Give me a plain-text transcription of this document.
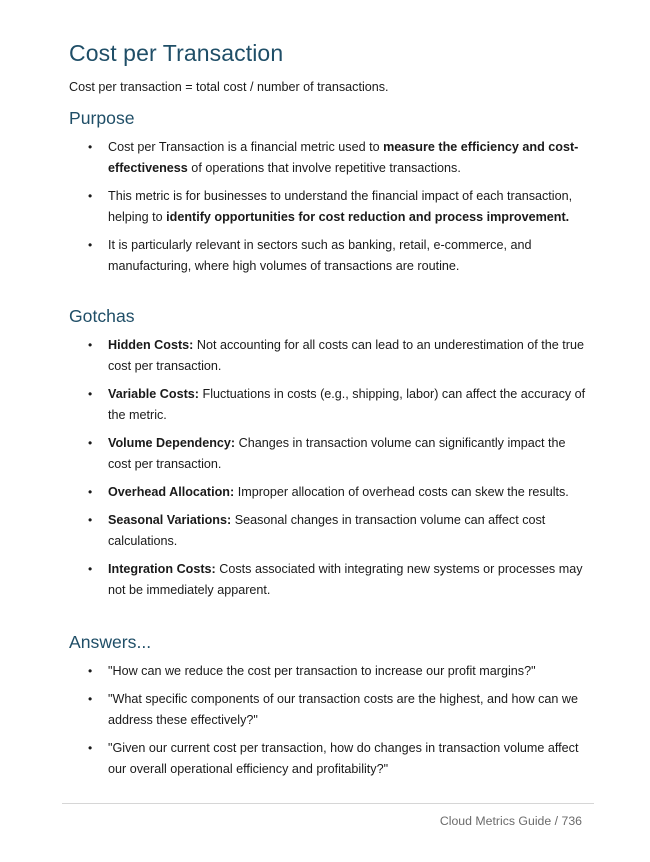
Cost per Transaction

Cost per transaction = total cost / number of transactions.

Purpose
• Cost per Transaction is a financial metric used to measure the efficiency and cost-effectiveness of operations that involve repetitive transactions.
• This metric is for businesses to understand the financial impact of each transaction, helping to identify opportunities for cost reduction and process improvement.
• It is particularly relevant in sectors such as banking, retail, e-commerce, and manufacturing, where high volumes of transactions are routine.
Gotchas
• Hidden Costs: Not accounting for all costs can lead to an underestimation of the true cost per transaction.
• Variable Costs: Fluctuations in costs (e.g., shipping, labor) can affect the accuracy of the metric.
• Volume Dependency: Changes in transaction volume can significantly impact the cost per transaction.
• Overhead Allocation: Improper allocation of overhead costs can skew the results.
• Seasonal Variations: Seasonal changes in transaction volume can affect cost calculations.
• Integration Costs: Costs associated with integrating new systems or processes may not be immediately apparent.
Answers...
• "How can we reduce the cost per transaction to increase our profit margins?"
• "What specific components of our transaction costs are the highest, and how can we address these effectively?"
• "Given our current cost per transaction, how do changes in transaction volume affect our overall operational efficiency and profitability?"
Cloud Metrics Guide / 736
